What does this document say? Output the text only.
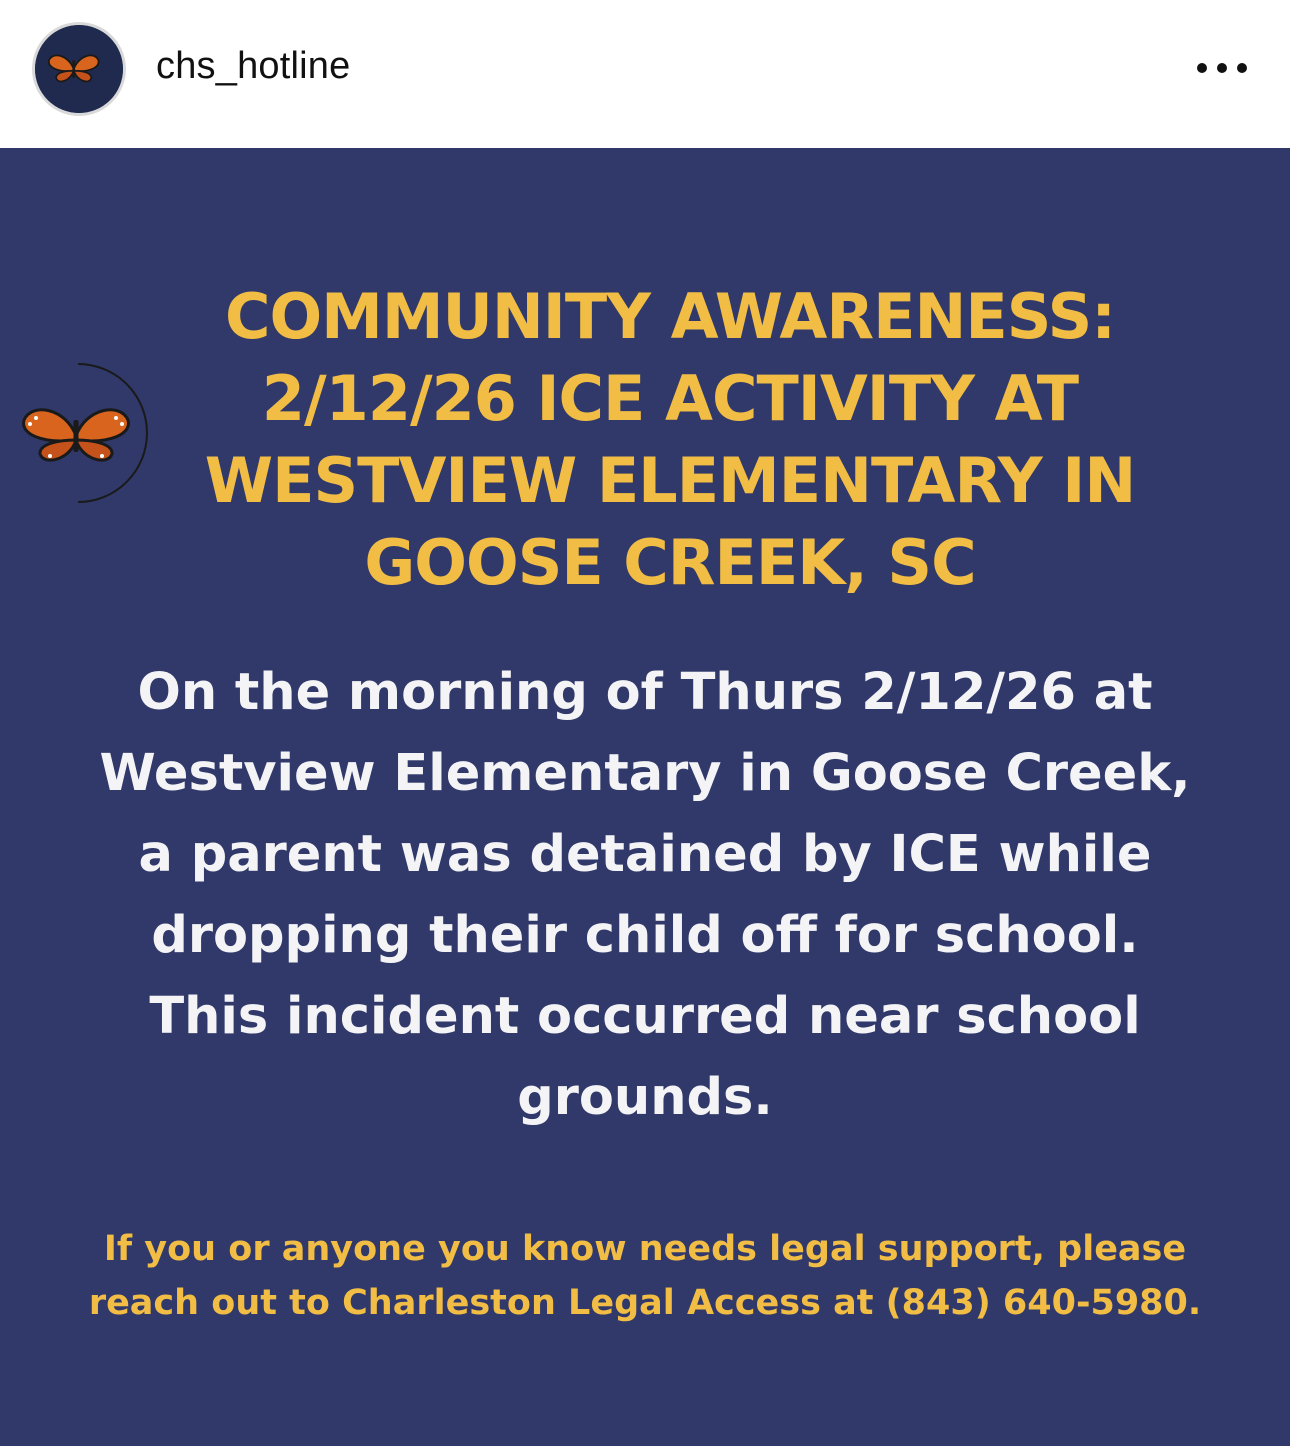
chs_hotline
COMMUNITY AWARENESS:
2/12/26 ICE ACTIVITY AT
WESTVIEW ELEMENTARY IN
GOOSE CREEK, SC
On the morning of Thurs 2/12/26 at
Westview Elementary in Goose Creek,
a parent was detained by ICE while
dropping their child off for school.
This incident occurred near school
grounds.
If you or anyone you know needs legal support, please
reach out to Charleston Legal Access at (843) 640-5980.
